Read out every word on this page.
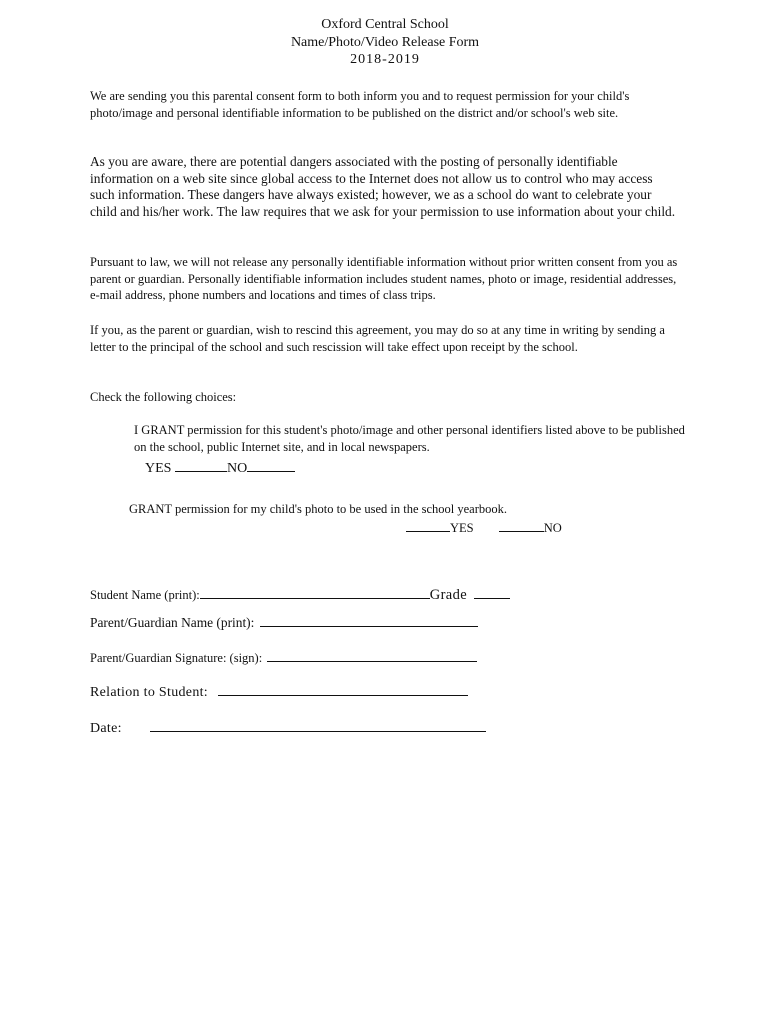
Oxford Central School
Name/Photo/Video Release Form
2018-2019
We are sending you this parental consent form to both inform you and to request permission for your child's photo/image and personal identifiable information to be published on the district and/or school's web site.
As you are aware, there are potential dangers associated with the posting of personally identifiable information on a web site since global access to the Internet does not allow us to control who may access such information. These dangers have always existed; however, we as a school do want to celebrate your child and his/her work. The law requires that we ask for your permission to use information about your child.
Pursuant to law, we will not release any personally identifiable information without prior written consent from you as parent or guardian. Personally identifiable information includes student names, photo or image, residential addresses, e-mail address, phone numbers and locations and times of class trips.
If you, as the parent or guardian, wish to rescind this agreement, you may do so at any time in writing by sending a letter to the principal of the school and such rescission will take effect upon receipt by the school.
Check the following choices:
I GRANT permission for this student's photo/image and other personal identifiers listed above to be published on the school, public Internet site, and in local newspapers.
YES	NO
GRANT permission for my child's photo to be used in the school yearbook.
YES	NO
Student Name (print):	Grade
Parent/Guardian Name (print):
Parent/Guardian Signature: (sign):
Relation to Student:
Date:
